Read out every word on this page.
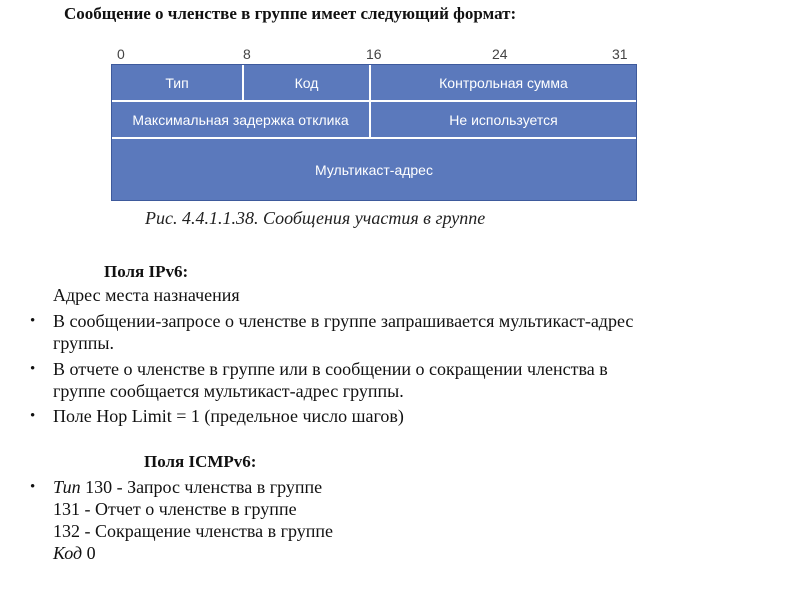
Сообщение о членстве в группе имеет следующий формат:
0	8	16	24	31
Тип	Код	Контрольная сумма
Максимальная задержка отклика	Не используется
Мультикаст-адрес
Рис. 4.4.1.1.38. Сообщения участия в группе
Поля IPv6:
Адрес места назначения
• В сообщении-запросе о членстве в группе запрашивается мультикаст-адрес
группы.
• В отчете о членстве в группе или в сообщении о сокращении членства в
группе сообщается мультикаст-адрес группы.
• Поле Hop Limit = 1 (предельное число шагов)
Поля ICMPv6:
• Тип 130 - Запрос членства в группе
131 - Отчет о членстве в группе
132 - Сокращение членства в группе
Код 0
